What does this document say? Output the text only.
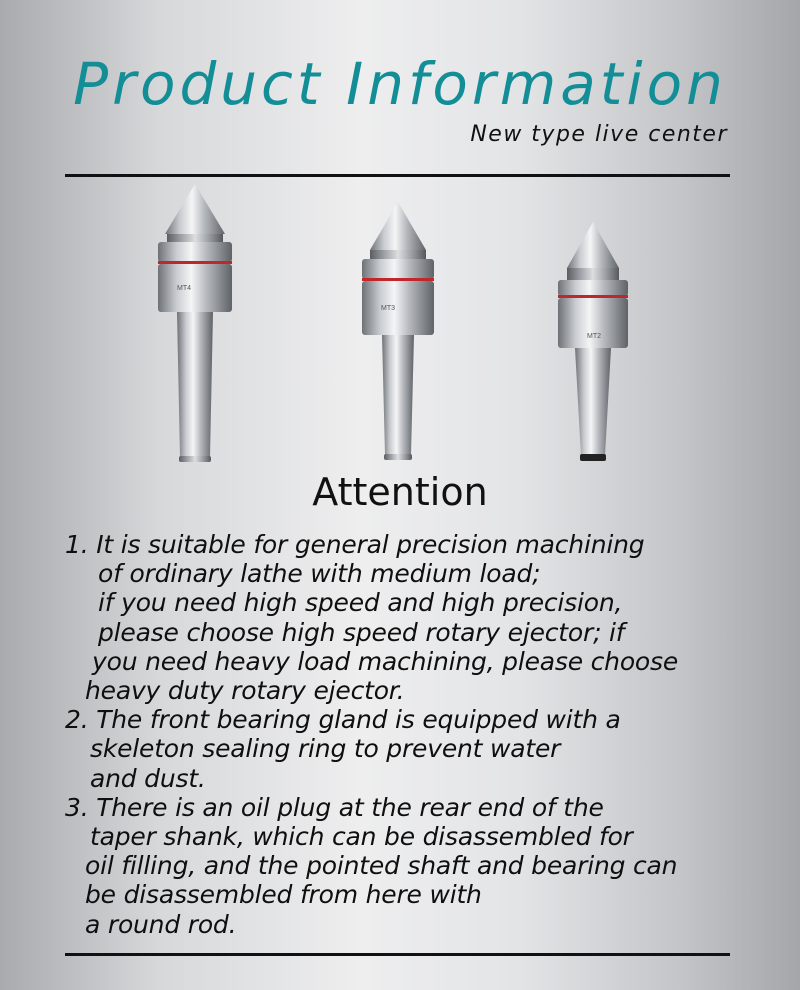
Product Information
New type live center
MT4
MT3
MT2
Attention
1. It is suitable for general precision machining
of ordinary lathe with medium load;
if you need high speed and high precision,
please choose high speed rotary ejector; if
you need heavy load machining, please choose
heavy duty rotary ejector.
2. The front bearing gland is equipped with a
skeleton sealing ring to prevent water
and dust.
3. There is an oil plug at the rear end of the
taper shank, which can be disassembled for
oil filling, and the pointed shaft and bearing can
be disassembled from here with
a round rod.
